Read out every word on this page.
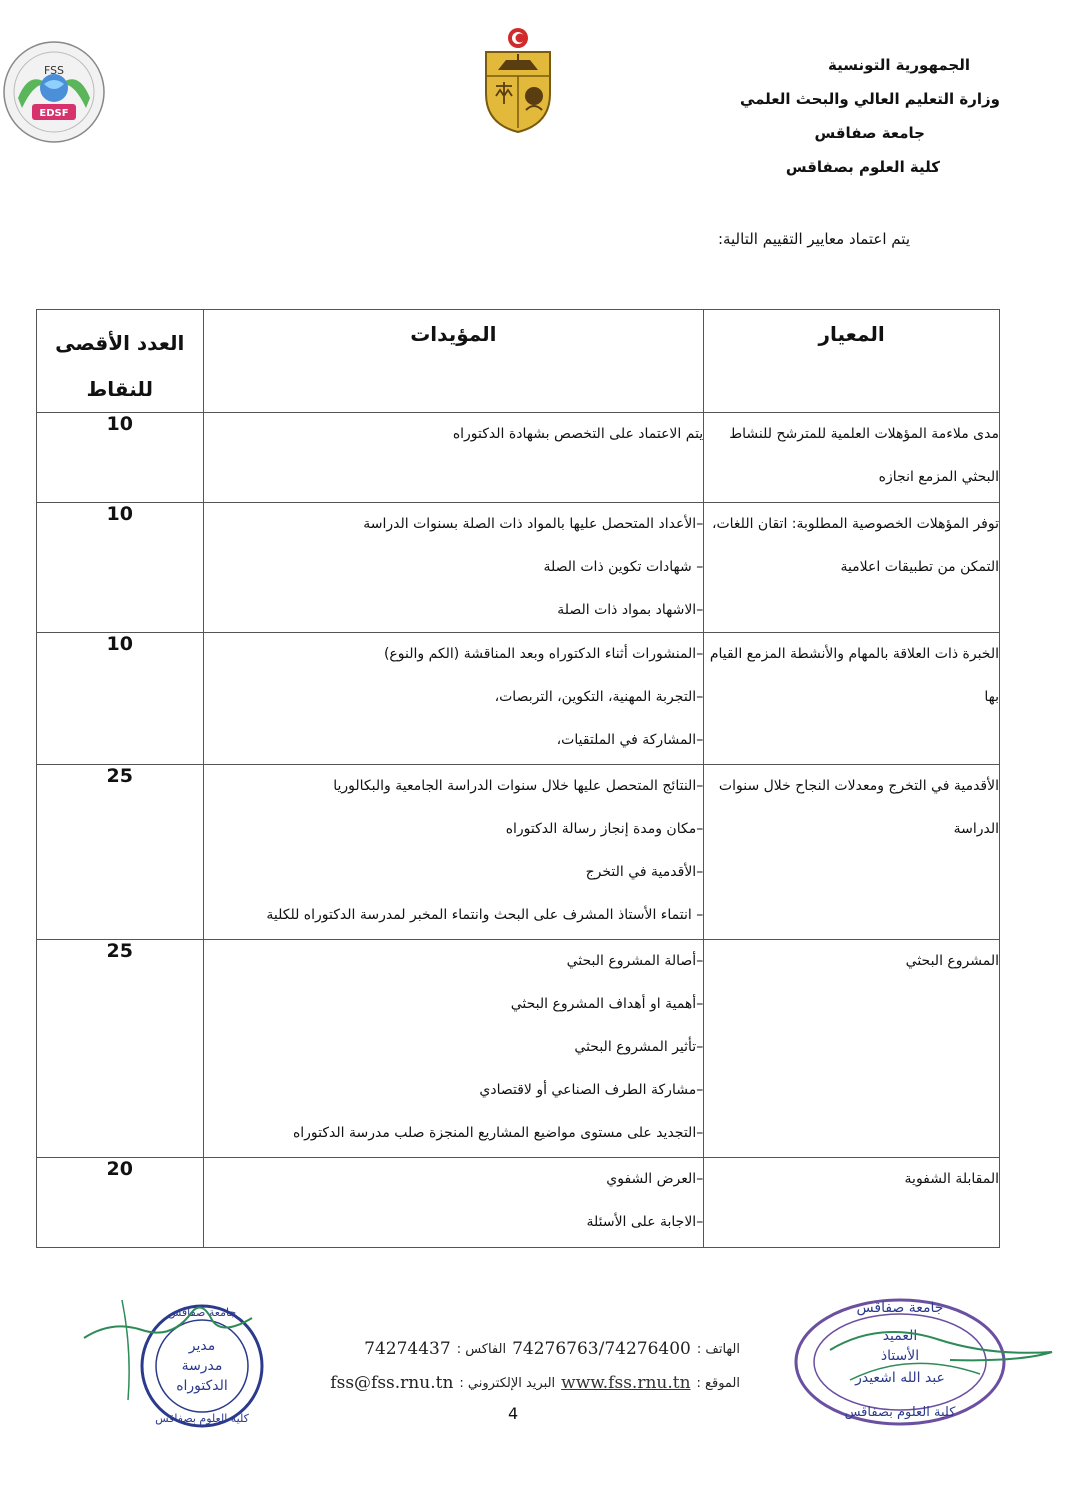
FSS
EDSF
الجمهورية التونسية
وزارة التعليم العالي والبحث العلمي
جامعة صفاقس
كلية العلوم بصفاقس
يتم اعتماد معايير التقييم التالية:
المعيار	المؤيدات	العدد الأقصى
للنقاط

مدى ملاءمة المؤهلات العلمية للمترشح للنشاط البحثي المزمع انجازه	يتم الاعتماد على التخصص بشهادة الدكتوراه	10
توفر المؤهلات الخصوصية المطلوبة: اتقان اللغات، التمكن من تطبيقات اعلامية	–الأعداد المتحصل عليها بالمواد ذات الصلة بسنوات الدراسة
– شهادات تكوين ذات الصلة
–الاشهاد بمواد ذات الصلة	10
الخبرة ذات العلاقة بالمهام والأنشطة المزمع القيام بها	–المنشورات أثناء الدكتوراه وبعد المناقشة (الكم والنوع)
–التجربة المهنية، التكوين، التربصات،
–المشاركة في الملتقيات،	10
الأقدمية في التخرج ومعدلات النجاح خلال سنوات الدراسة	–النتائج المتحصل عليها خلال سنوات الدراسة الجامعية والبكالوريا
–مكان ومدة إنجاز رسالة الدكتوراه
–الأقدمية في التخرج
– انتماء الأستاذ المشرف على البحث وانتماء المخبر لمدرسة الدكتوراه للكلية	25
المشروع البحثي	–أصالة المشروع البحثي
–أهمية او أهداف المشروع البحثي
–تأثير المشروع البحثي
–مشاركة الطرف الصناعي أو لاقتصادي
–التجديد على مستوى مواضيع المشاريع المنجزة صلب مدرسة الدكتوراه	25
المقابلة الشفوية	–العرض الشفوي
–الاجابة على الأسئلة	20
جامعة صفاقس
مدير
مدرسة
الدكتوراه
كلية العلوم بصفاقس
الهاتف :
74276763/74276400
الفاكس :
74274437
الموقع :
www.fss.rnu.tn
البريد الإلكتروني :
fss@fss.rnu.tn
4
جامعة صفاقس
العميد
الأستاذ
عبد الله اشعيدر
كلية العلوم بصفاقس
